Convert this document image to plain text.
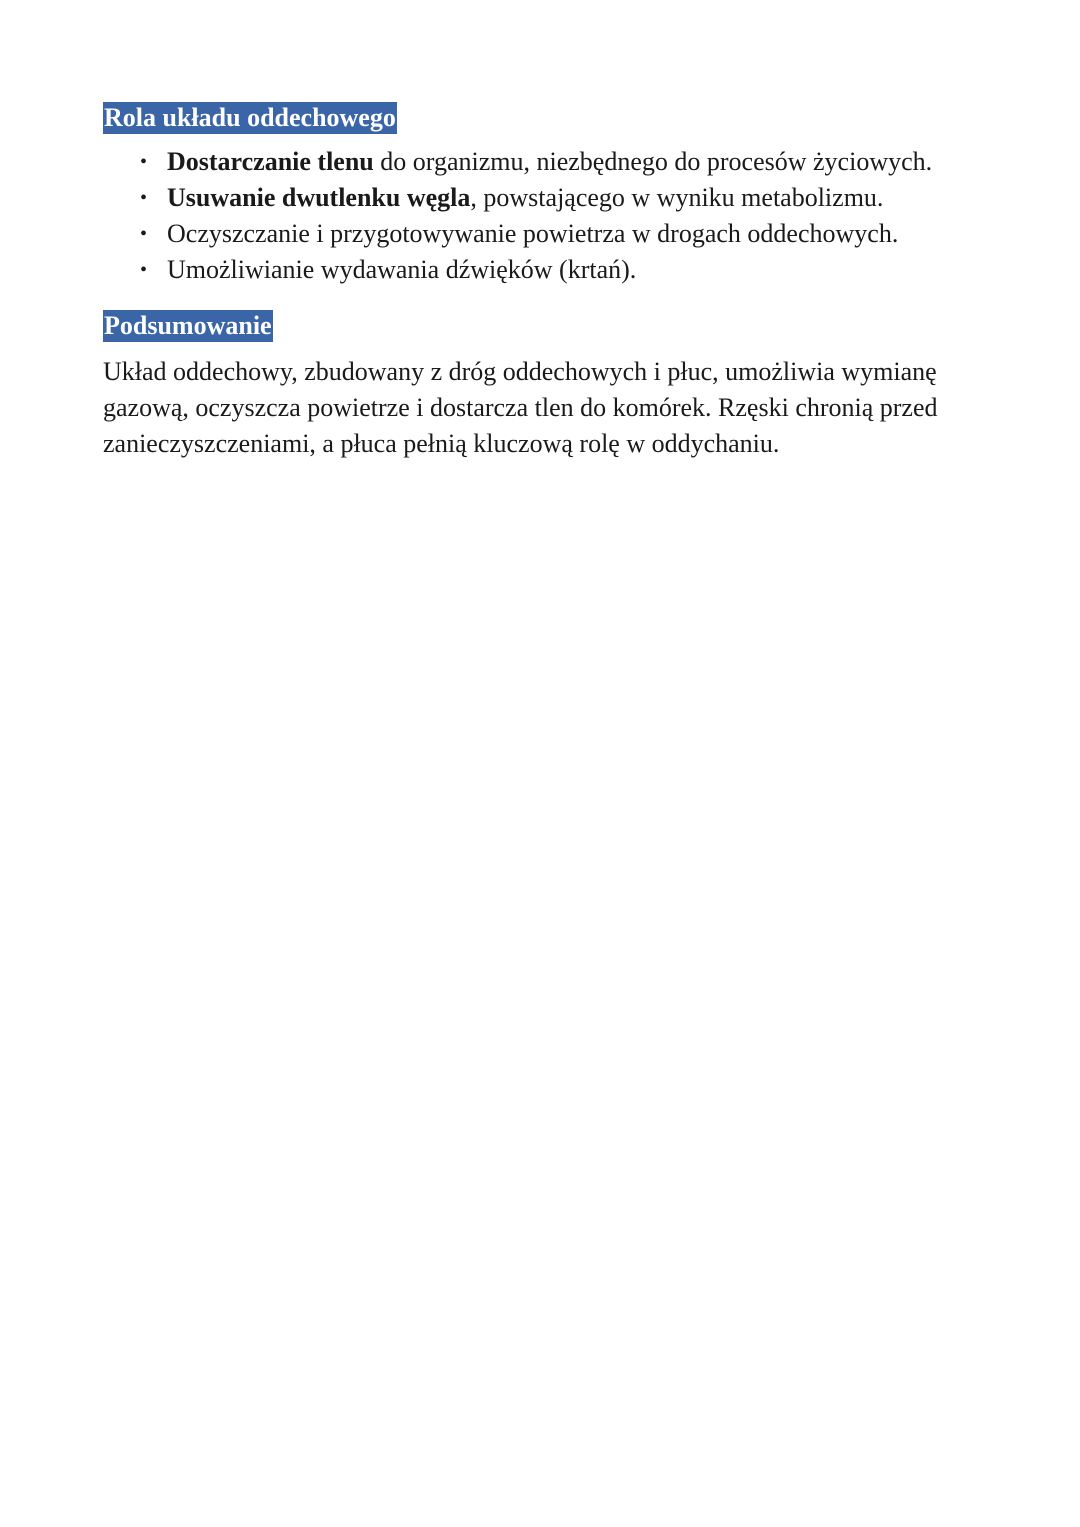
Rola układu oddechowego

• Dostarczanie tlenu do organizmu, niezbędnego do procesów życiowych.
• Usuwanie dwutlenku węgla, powstającego w wyniku metabolizmu.
• Oczyszczanie i przygotowywanie powietrza w drogach oddechowych.
• Umożliwianie wydawania dźwięków (krtań).

Podsumowanie

Układ oddechowy, zbudowany z dróg oddechowych i płuc, umożliwia wymianę
gazową, oczyszcza powietrze i dostarcza tlen do komórek. Rzęski chronią przed
zanieczyszczeniami, a płuca pełnią kluczową rolę w oddychaniu.
